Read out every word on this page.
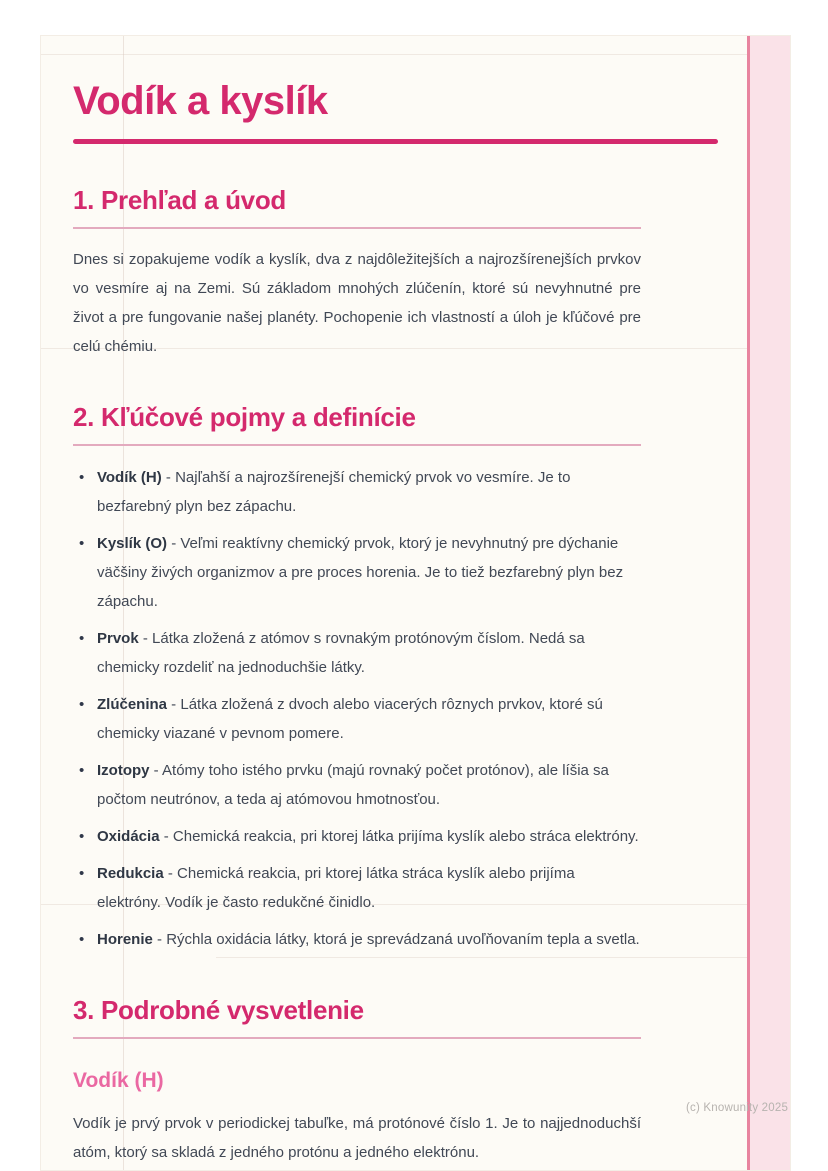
Vodík a kyslík
1. Prehľad a úvod

Dnes si zopakujeme vodík a kyslík, dva z najdôležitejších a najrozšírenejších prvkov vo vesmíre aj na Zemi. Sú základom mnohých zlúčenín, ktoré sú nevyhnutné pre život a pre fungovanie našej planéty. Pochopenie ich vlastností a úloh je kľúčové pre celú chémiu.

2. Kľúčové pojmy a definície
• Vodík (H) - Najľahší a najrozšírenejší chemický prvok vo vesmíre. Je to bezfarebný plyn bez zápachu.
• Kyslík (O) - Veľmi reaktívny chemický prvok, ktorý je nevyhnutný pre dýchanie väčšiny živých organizmov a pre proces horenia. Je to tiež bezfarebný plyn bez zápachu.
• Prvok - Látka zložená z atómov s rovnakým protónovým číslom. Nedá sa chemicky rozdeliť na jednoduchšie látky.
• Zlúčenina - Látka zložená z dvoch alebo viacerých rôznych prvkov, ktoré sú chemicky viazané v pevnom pomere.
• Izotopy - Atómy toho istého prvku (majú rovnaký počet protónov), ale líšia sa počtom neutrónov, a teda aj atómovou hmotnosťou.
• Oxidácia - Chemická reakcia, pri ktorej látka prijíma kyslík alebo stráca elektróny.
• Redukcia - Chemická reakcia, pri ktorej látka stráca kyslík alebo prijíma elektróny. Vodík je často redukčné činidlo.
• Horenie - Rýchla oxidácia látky, ktorá je sprevádzaná uvoľňovaním tepla a svetla.
3. Podrobné vysvetlenie
Vodík (H)

Vodík je prvý prvok v periodickej tabuľke, má protónové číslo 1. Je to najjednoduchší atóm, ktorý sa skladá z jedného protónu a jedného elektrónu.

(c) Knowunity 2025
